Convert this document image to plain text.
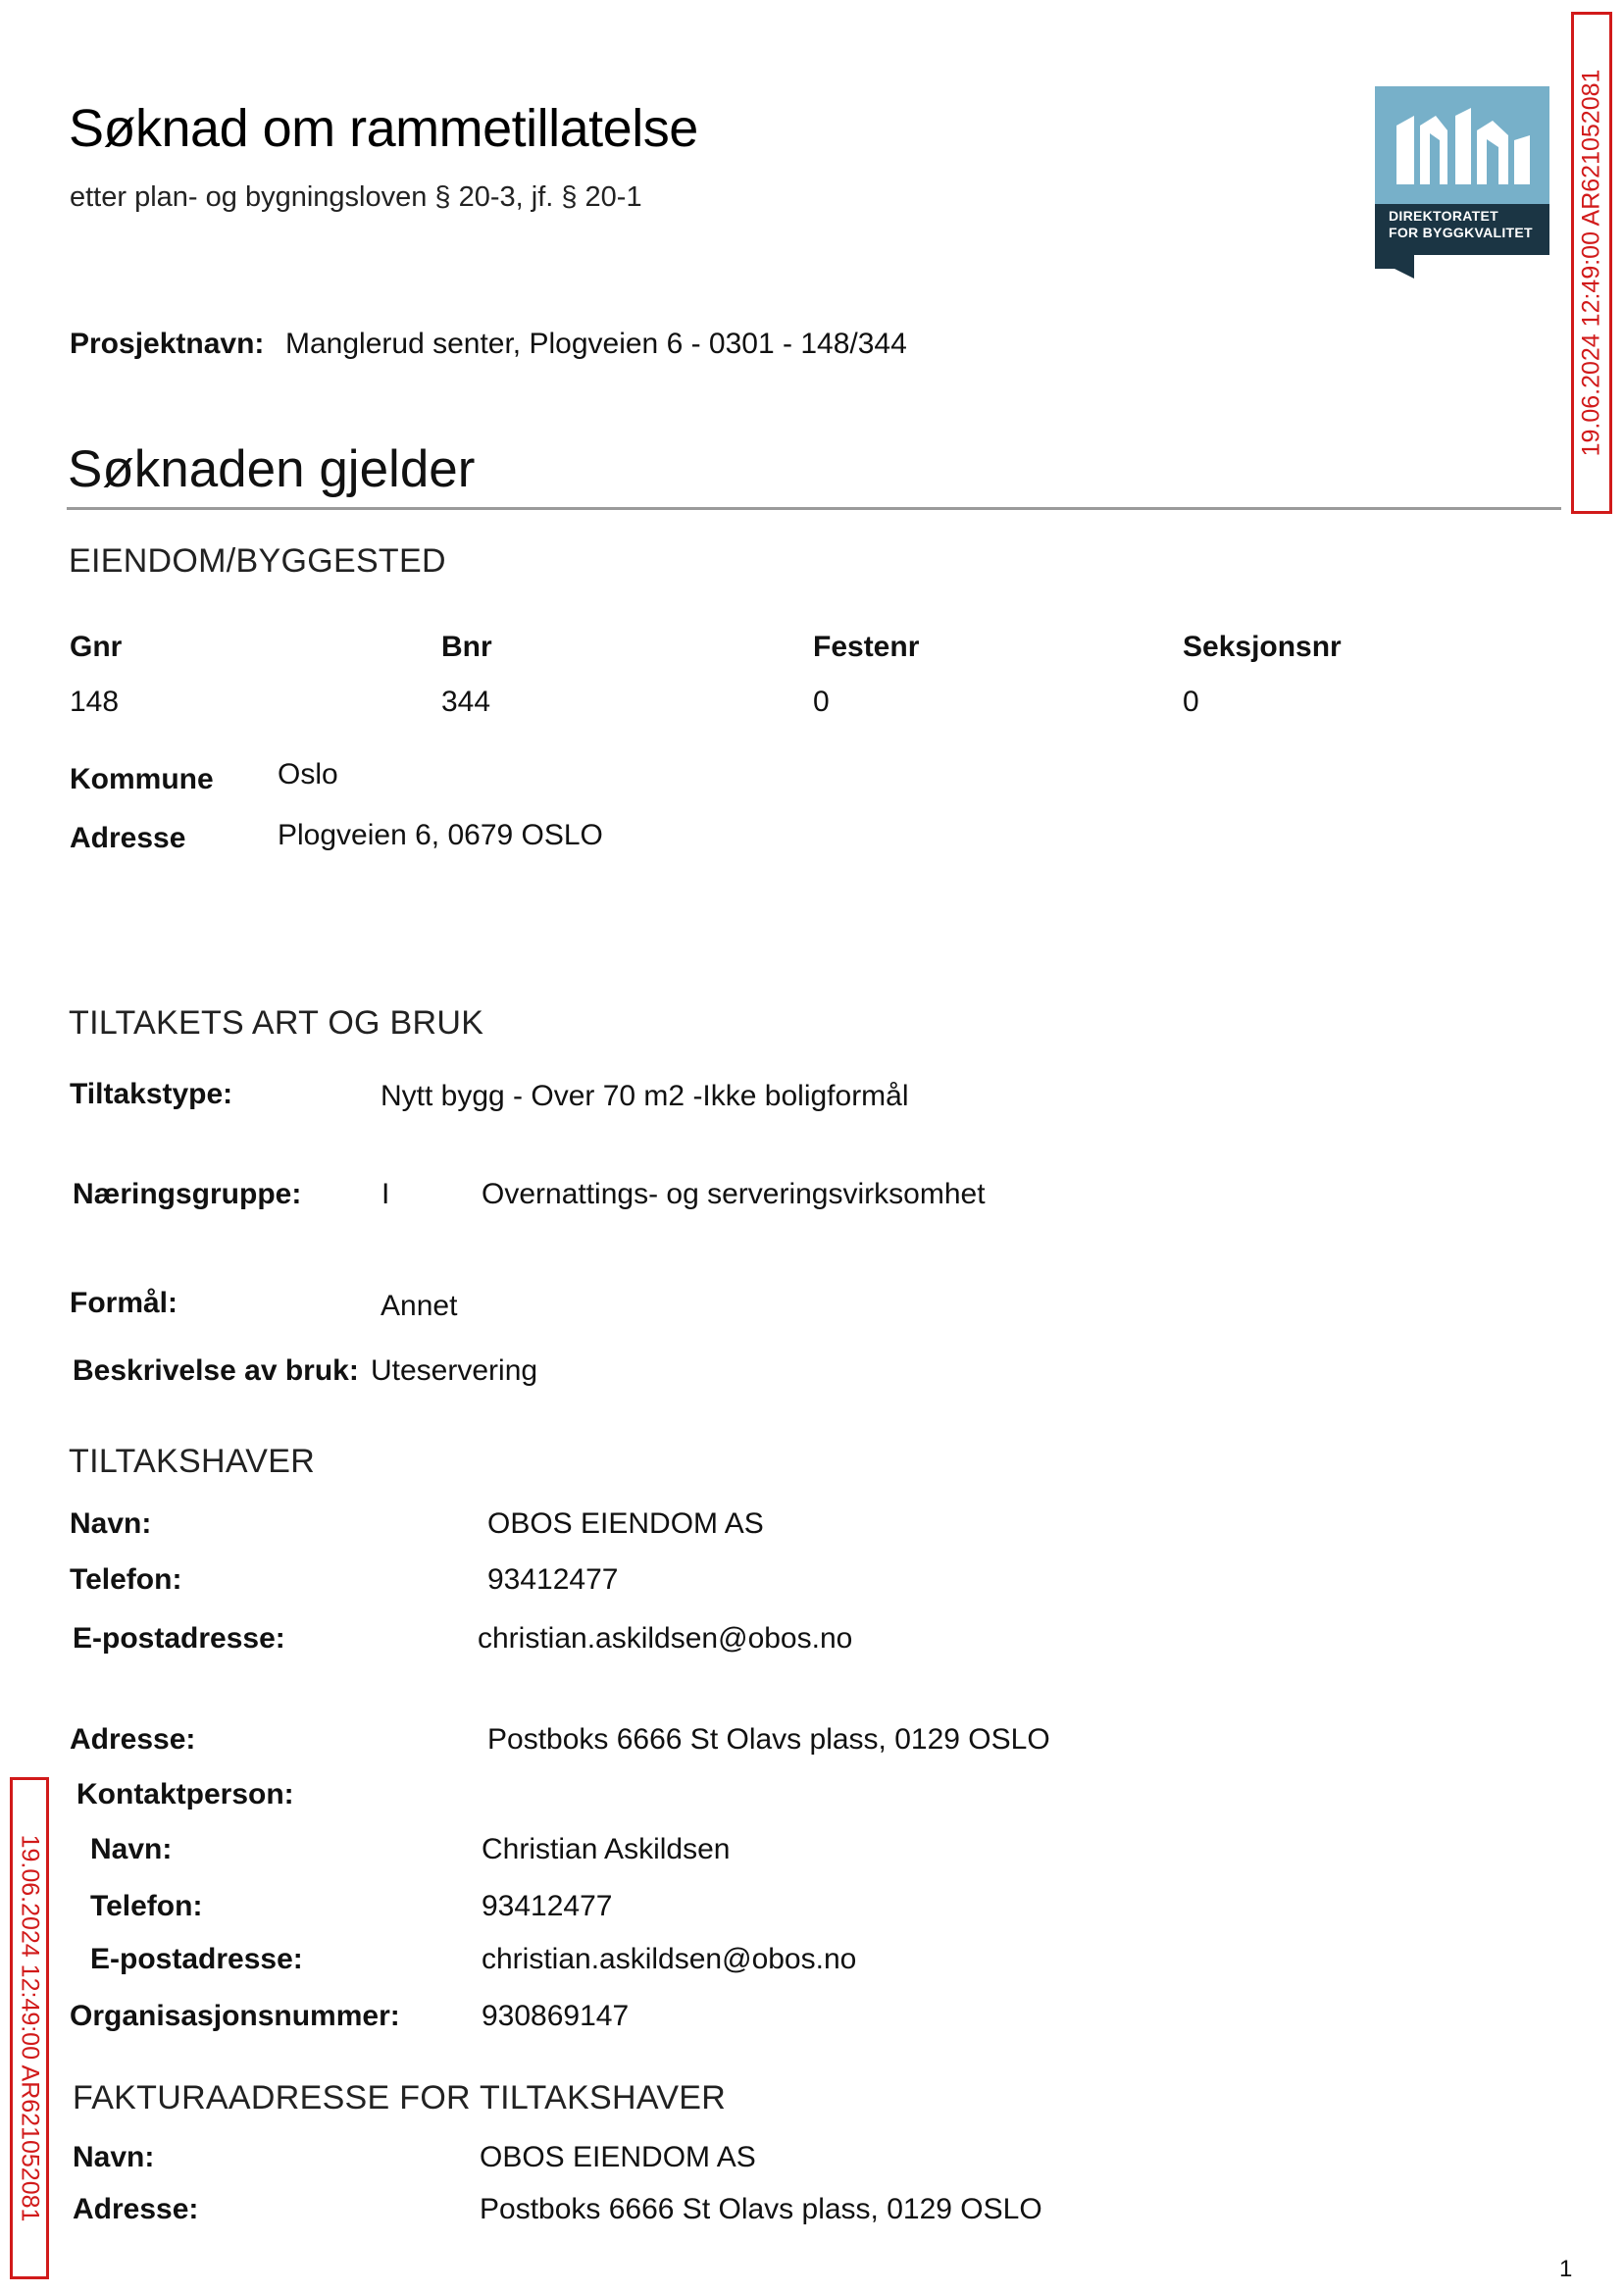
Søknad om rammetillatelse
etter plan- og bygningsloven § 20-3, jf. § 20-1
DIREKTORATET
FOR BYGGKVALITET 19.06.2024 12:49:00 AR621052081
Prosjektnavn: Manglerud senter, Plogveien 6 - 0301 - 148/344
Søknaden gjelder
EIENDOM/BYGGESTED
Gnr	Bnr	Festenr	Seksjonsnr
148	344	0	0
Kommune Oslo
Adresse	Plogveien 6, 0679 OSLO
TILTAKETS ART OG BRUK
Tiltakstype:	Nytt bygg - Over 70 m2 -Ikke boligformål
Næringsgruppe:	I	Overnattings- og serveringsvirksomhet
Formål:	Annet
Beskrivelse av bruk: Uteservering
TILTAKSHAVER
Navn:	OBOS EIENDOM AS
Telefon:	93412477
E-postadresse:	christian.askildsen@obos.no
Adresse:	Postboks 6666 St Olavs plass, 0129 OSLO
Kontaktperson:
Navn:	Christian Askildsen
Telefon:	93412477
E-postadresse:	christian.askildsen@obos.no
Organisasjonsnummer:	930869147
FAKTURAADRESSE FOR TILTAKSHAVER
Navn:	OBOS EIENDOM AS
Adresse:	Postboks 6666 St Olavs plass, 0129 OSLO
19.06.2024 12:49:00 AR621052081
1
